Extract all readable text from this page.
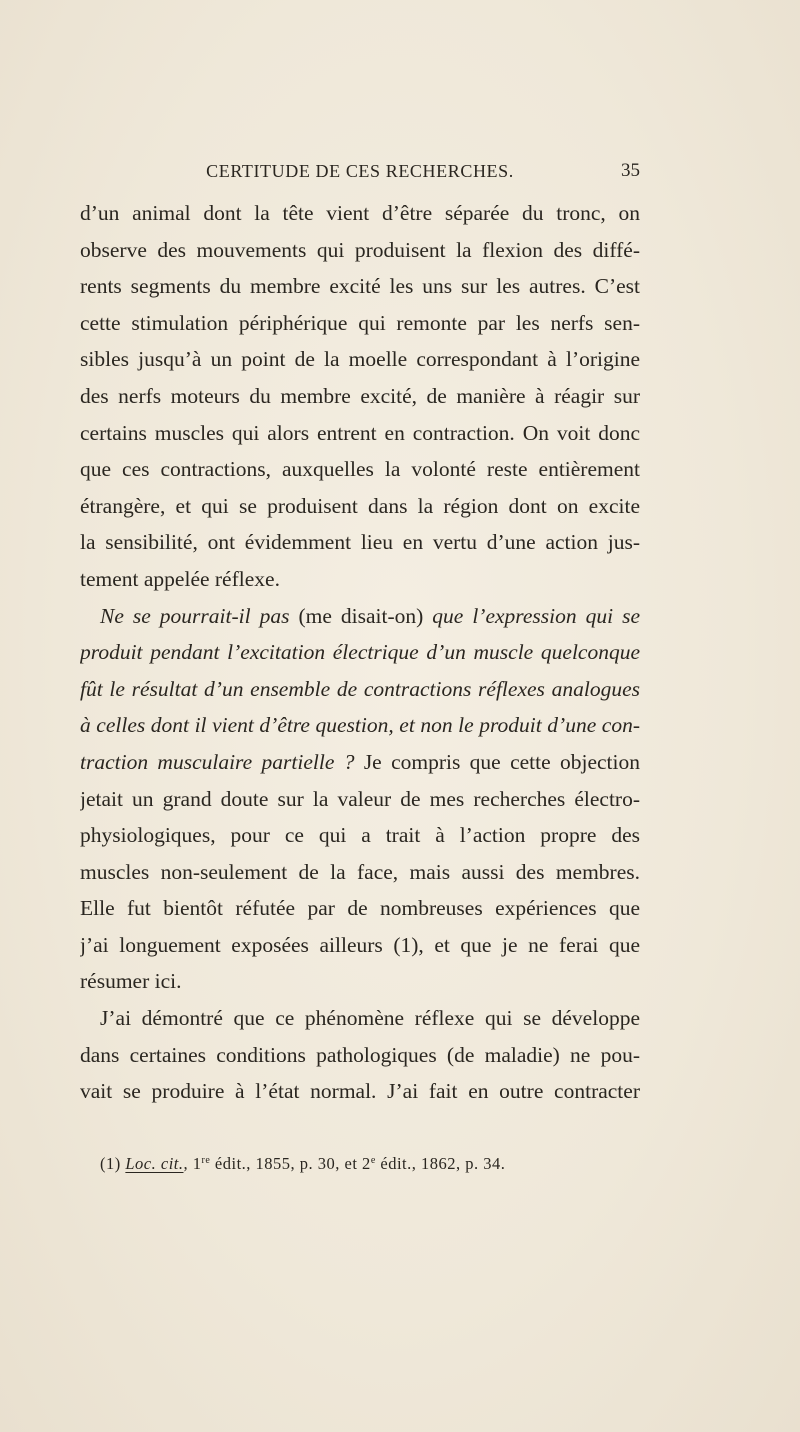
CERTITUDE DE CES RECHERCHES.	35
d’un animal dont la tête vient d’être séparée du tronc, on
observe des mouvements qui produisent la flexion des diffé-
rents segments du membre excité les uns sur les autres. C’est
cette stimulation périphérique qui remonte par les nerfs sen-
sibles jusqu’à un point de la moelle correspondant à l’origine
des nerfs moteurs du membre excité, de manière à réagir sur
certains muscles qui alors entrent en contraction. On voit donc
que ces contractions, auxquelles la volonté reste entièrement
étrangère, et qui se produisent dans la région dont on excite
la sensibilité, ont évidemment lieu en vertu d’une action jus-
tement appelée réflexe.
Ne se pourrait-il pas (me disait-on) que l’expression qui se
produit pendant l’excitation électrique d’un muscle quelconque
fût le résultat d’un ensemble de contractions réflexes analogues
à celles dont il vient d’être question, et non le produit d’une con-
traction musculaire partielle ? Je compris que cette objection
jetait un grand doute sur la valeur de mes recherches électro-
physiologiques, pour ce qui a trait à l’action propre des
muscles non-seulement de la face, mais aussi des membres.
Elle fut bientôt réfutée par de nombreuses expériences que
j’ai longuement exposées ailleurs (1), et que je ne ferai que
résumer ici.
J’ai démontré que ce phénomène réflexe qui se développe
dans certaines conditions pathologiques (de maladie) ne pou-
vait se produire à l’état normal. J’ai fait en outre contracter
(1) Loc. cit., 1re édit., 1855, p. 30, et 2e édit., 1862, p. 34.
